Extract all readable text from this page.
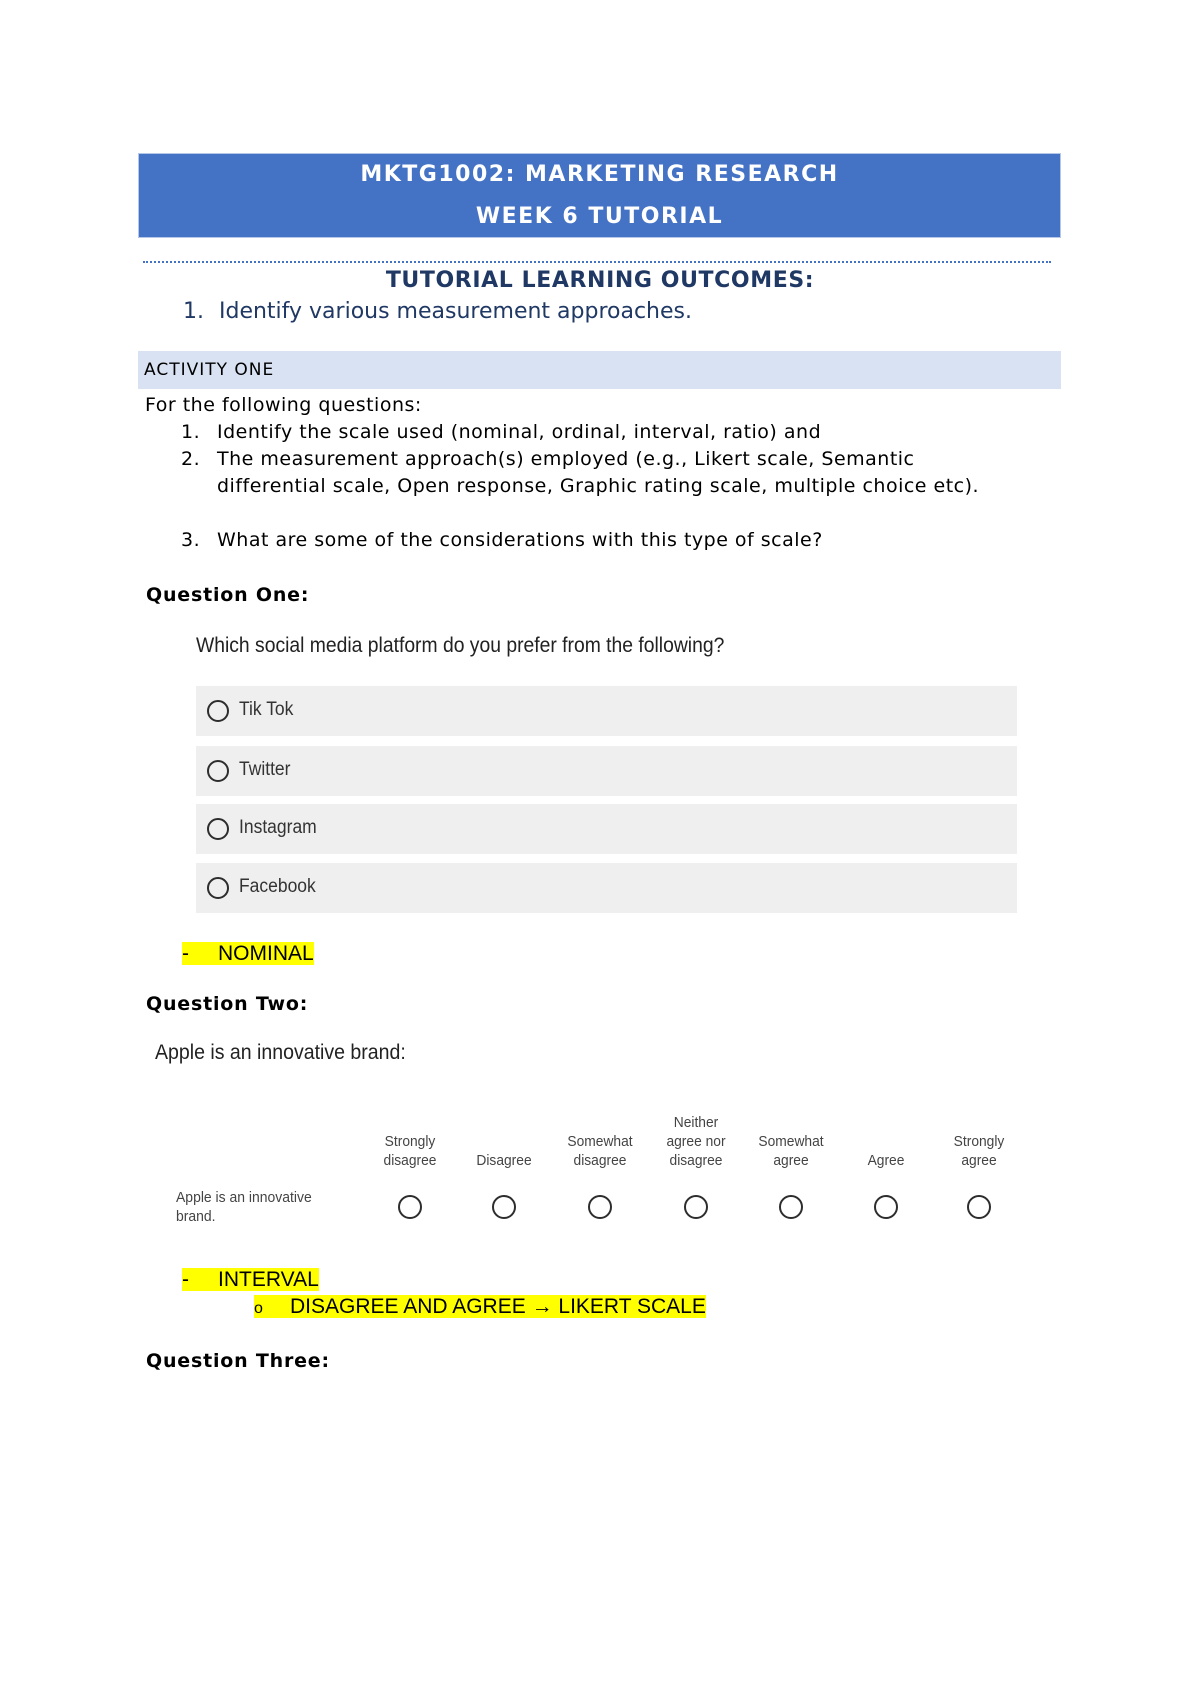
MKTG1002: MARKETING RESEARCH
WEEK 6 TUTORIAL
TUTORIAL LEARNING OUTCOMES:
1. Identify various measurement approaches.
ACTIVITY ONE
For the following questions:
1. Identify the scale used (nominal, ordinal, interval, ratio) and
2. The measurement approach(s) employed (e.g., Likert scale, Semantic differential scale, Open response, Graphic rating scale, multiple choice etc).
3. What are some of the considerations with this type of scale?
Question One:
Which social media platform do you prefer from the following?
Tik Tok
Twitter
Instagram
Facebook
- NOMINAL
Question Two:
Apple is an innovative brand:
Strongly
disagree	Disagree
Somewhat
disagree
Neither
agree nor
disagree
Somewhat
agree	Agree
Strongly
agree
Apple is an innovative
brand.
- INTERVAL
o DISAGREE AND AGREE → LIKERT SCALE
Question Three:
